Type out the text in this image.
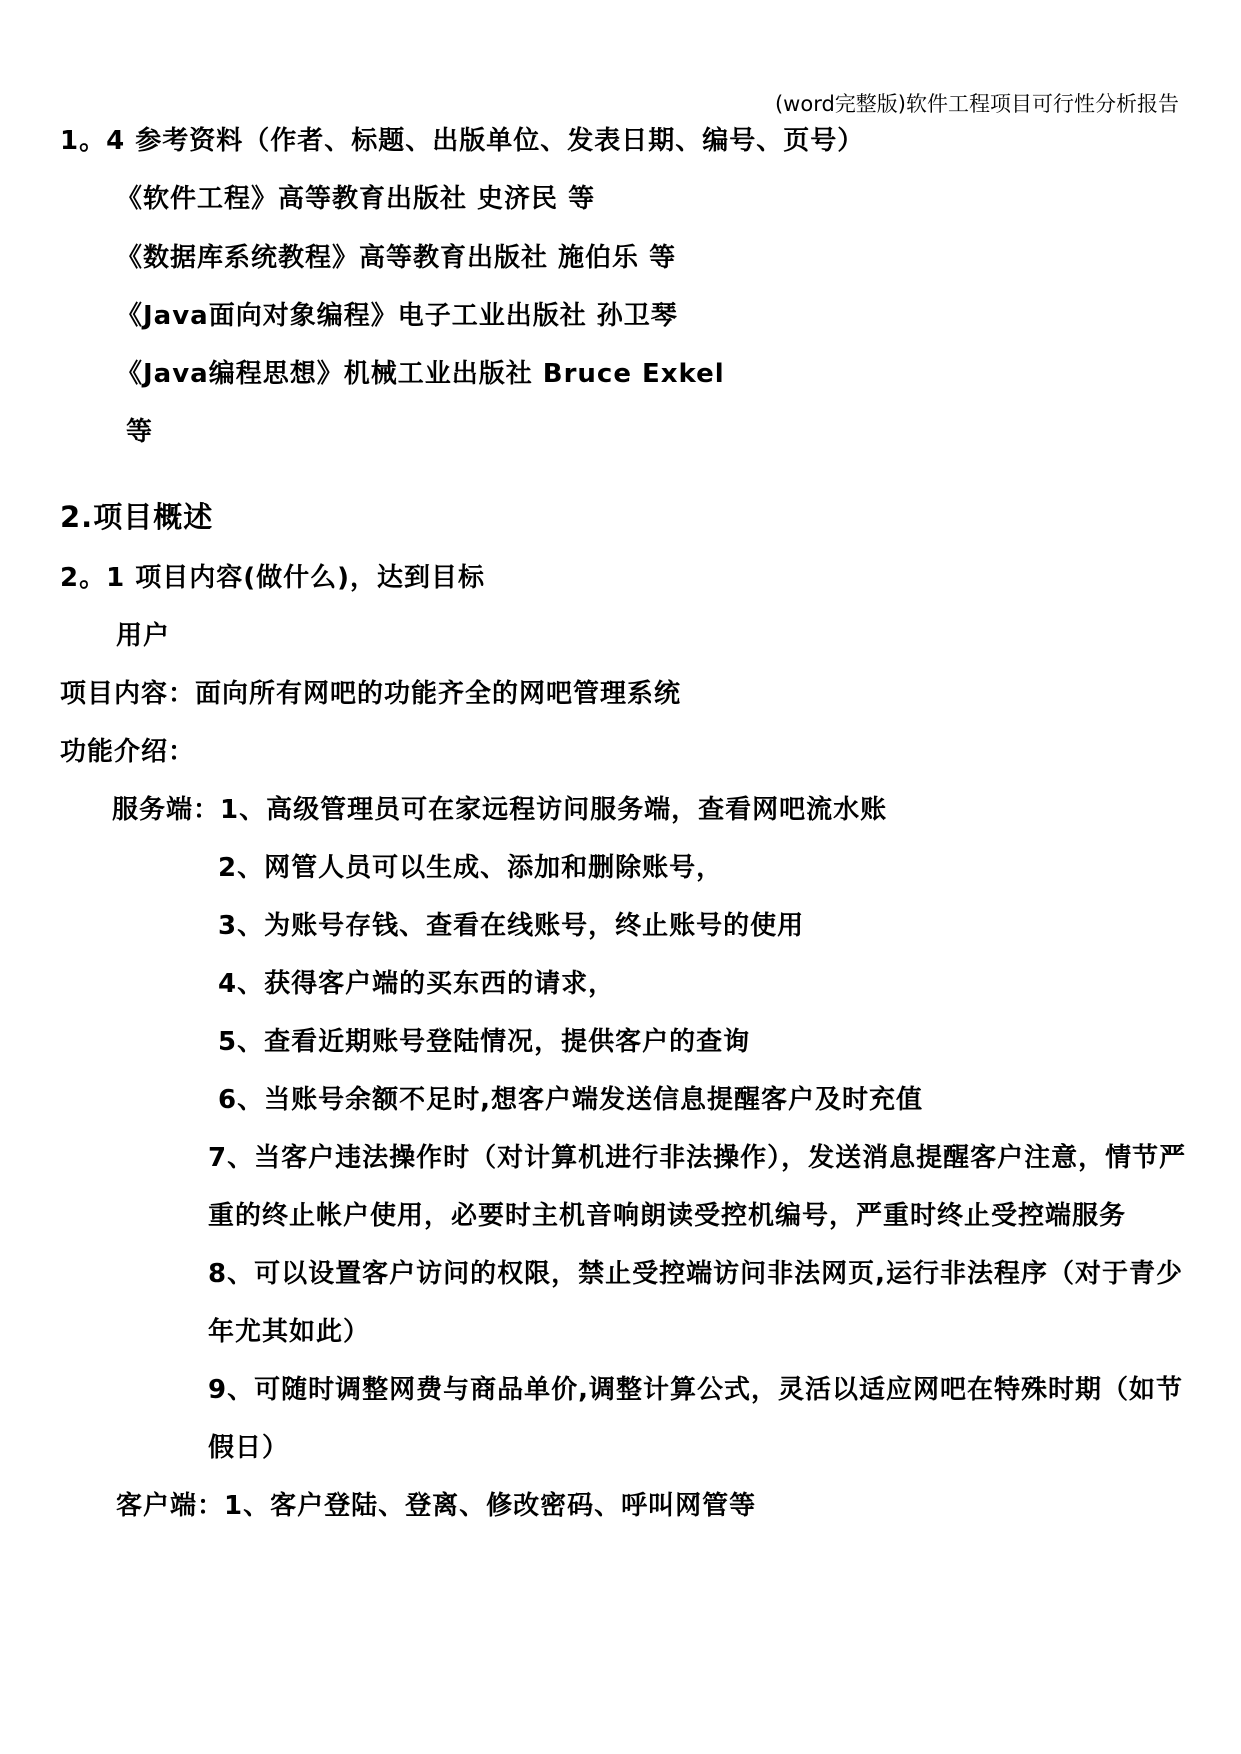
(word完整版)软件工程项目可行性分析报告
1。4 参考资料（作者、标题、出版单位、发表日期、编号、页号）
《软件工程》高等教育出版社 史济民 等
《数据库系统教程》高等教育出版社 施伯乐 等
《Java面向对象编程》电子工业出版社 孙卫琴
《Java编程思想》机械工业出版社 Bruce Exkel
等
2.项目概述
2。1 项目内容(做什么)，达到目标
用户
项目内容：面向所有网吧的功能齐全的网吧管理系统
功能介绍：
服务端：1、高级管理员可在家远程访问服务端，查看网吧流水账
2、网管人员可以生成、添加和删除账号，
3、为账号存钱、查看在线账号，终止账号的使用
4、获得客户端的买东西的请求，
5、查看近期账号登陆情况，提供客户的查询
6、当账号余额不足时,想客户端发送信息提醒客户及时充值
7、当客户违法操作时（对计算机进行非法操作），发送消息提醒客户注意，情节严
重的终止帐户使用，必要时主机音响朗读受控机编号，严重时终止受控端服务
8、可以设置客户访问的权限，禁止受控端访问非法网页,运行非法程序（对于青少
年尤其如此）
9、可随时调整网费与商品单价,调整计算公式，灵活以适应网吧在特殊时期（如节
假日）
客户端：1、客户登陆、登离、修改密码、呼叫网管等
